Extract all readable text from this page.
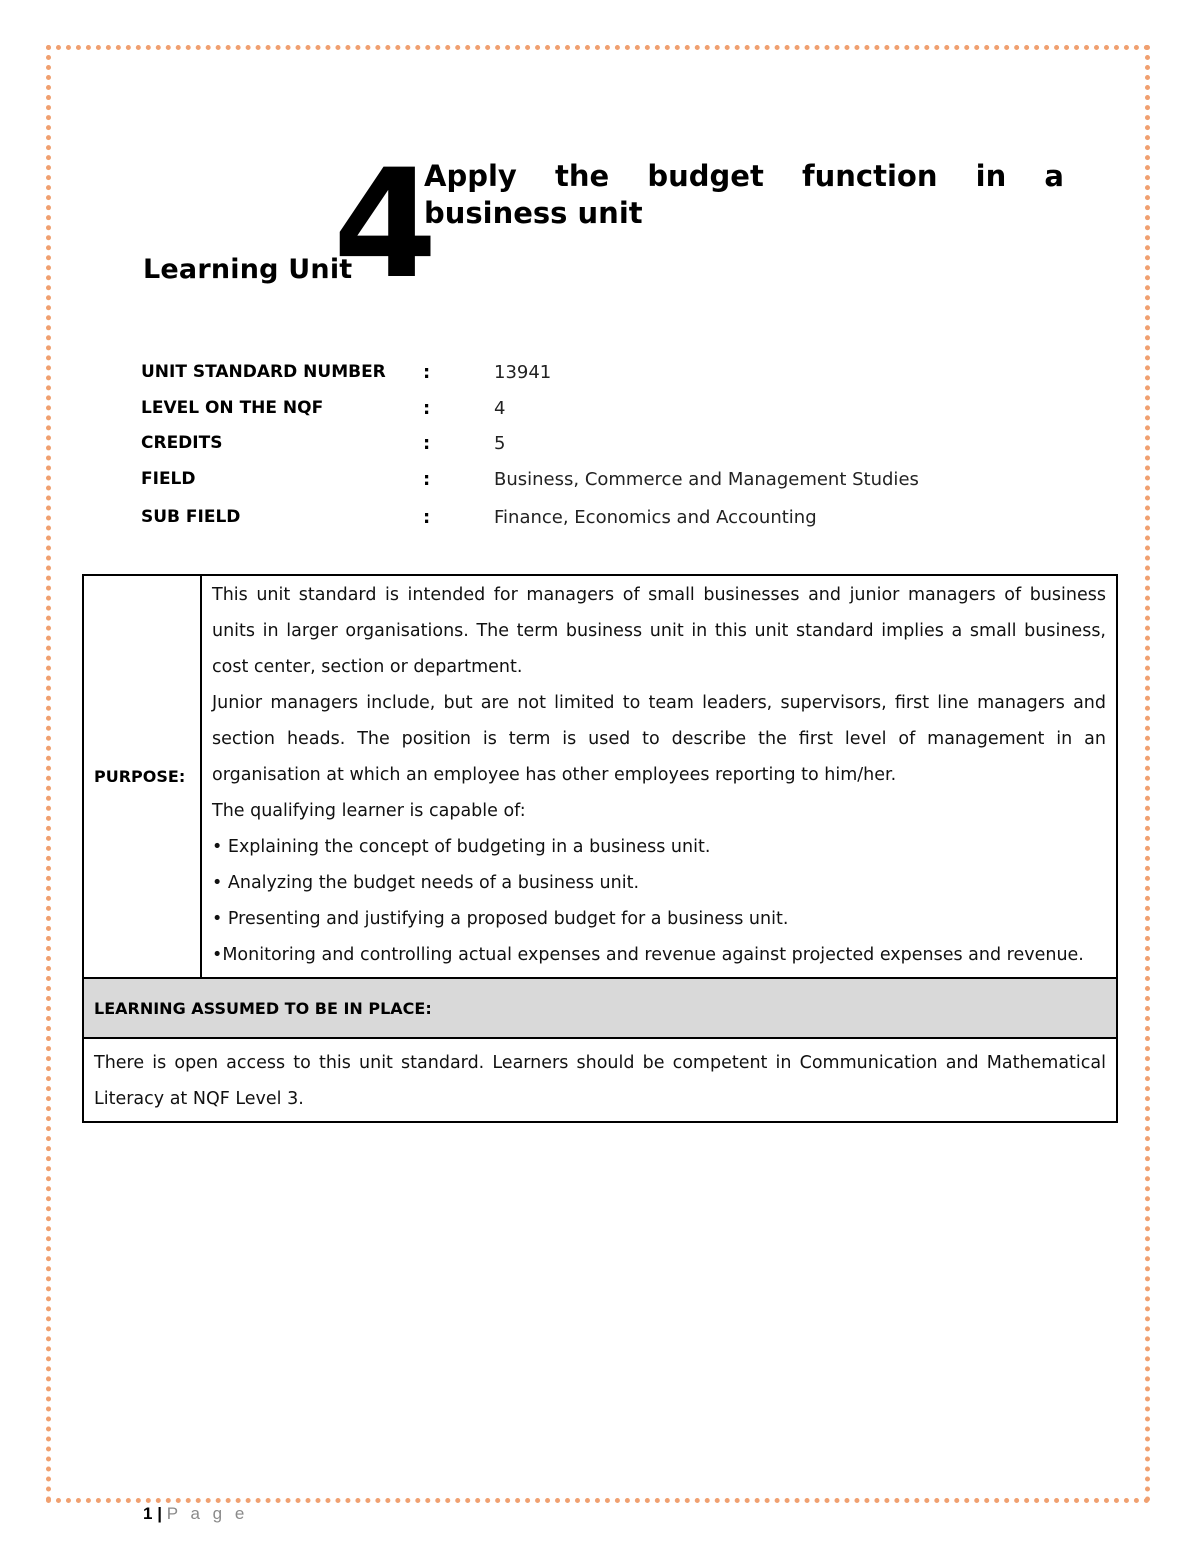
Learning Unit
4
Apply the budget function in a business unit
UNIT STANDARD NUMBER :	13941
LEVEL ON THE NQF	:	4
CREDITS	:	5
FIELD	:	Business, Commerce and Management Studies
SUB FIELD	:	Finance, Economics and Accounting
PURPOSE:	
This unit standard is intended for managers of small businesses and junior managers of business units in larger organisations. The term business unit in this unit standard implies a small business, cost center, section or department.
Junior managers include, but are not limited to team leaders, supervisors, first line managers and section heads. The position is term is used to describe the first level of management in an organisation at which an employee has other employees reporting to him/her.
The qualifying learner is capable of:
• Explaining the concept of budgeting in a business unit.
• Analyzing the budget needs of a business unit.
• Presenting and justifying a proposed budget for a business unit.
•Monitoring and controlling actual expenses and revenue against projected expenses and revenue.

LEARNING ASSUMED TO BE IN PLACE:
There is open access to this unit standard. Learners should be competent in Communication and Mathematical Literacy at NQF Level 3.
1 | P a g e
